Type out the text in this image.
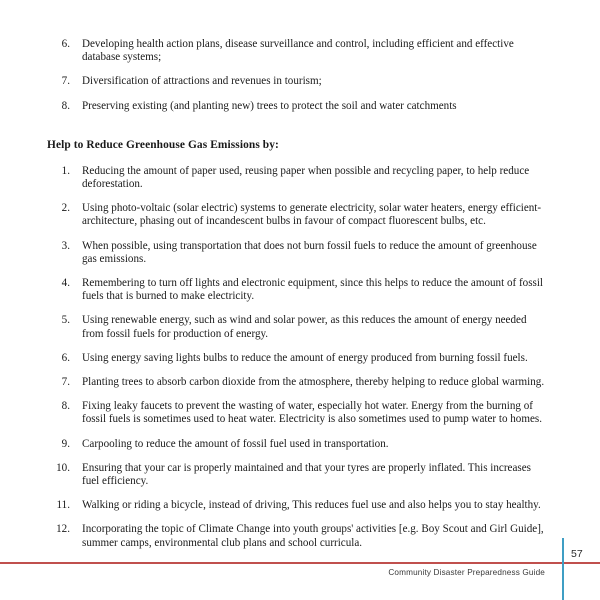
6. Developing health action plans, disease surveillance and control, including efficient and effective database systems;
7. Diversification of attractions and revenues in tourism;
8. Preserving existing (and planting new) trees to protect the soil and water catchments
Help to Reduce Greenhouse Gas Emissions by:
1. Reducing the amount of paper used, reusing paper when possible and recycling paper, to help reduce deforestation.
2. Using photo-voltaic (solar electric) systems to generate electricity, solar water heaters, energy efficient-architecture, phasing out of incandescent bulbs in favour of compact fluorescent bulbs, etc.
3. When possible, using transportation that does not burn fossil fuels to reduce the amount of greenhouse gas emissions.
4. Remembering to turn off lights and electronic equipment, since this helps to reduce the amount of fossil fuels that is burned to make electricity.
5. Using renewable energy, such as wind and solar power, as this reduces the amount of energy needed from fossil fuels for production of energy.
6. Using energy saving lights bulbs to reduce the amount of energy produced from burning fossil fuels.
7. Planting trees to absorb carbon dioxide from the atmosphere, thereby helping to reduce global warming.
8. Fixing leaky faucets to prevent the wasting of water, especially hot water. Energy from the burning of fossil fuels is sometimes used to heat water. Electricity is also sometimes used to pump water to homes.
9. Carpooling to reduce the amount of fossil fuel used in transportation.
10. Ensuring that your car is properly maintained and that your tyres are properly inflated. This increases fuel efficiency.
11. Walking or riding a bicycle, instead of driving, This reduces fuel use and also helps you to stay healthy.
12. Incorporating the topic of Climate Change into youth groups' activities [e.g. Boy Scout and Girl Guide], summer camps, environmental club plans and school curricula.
57
Community Disaster Preparedness Guide
